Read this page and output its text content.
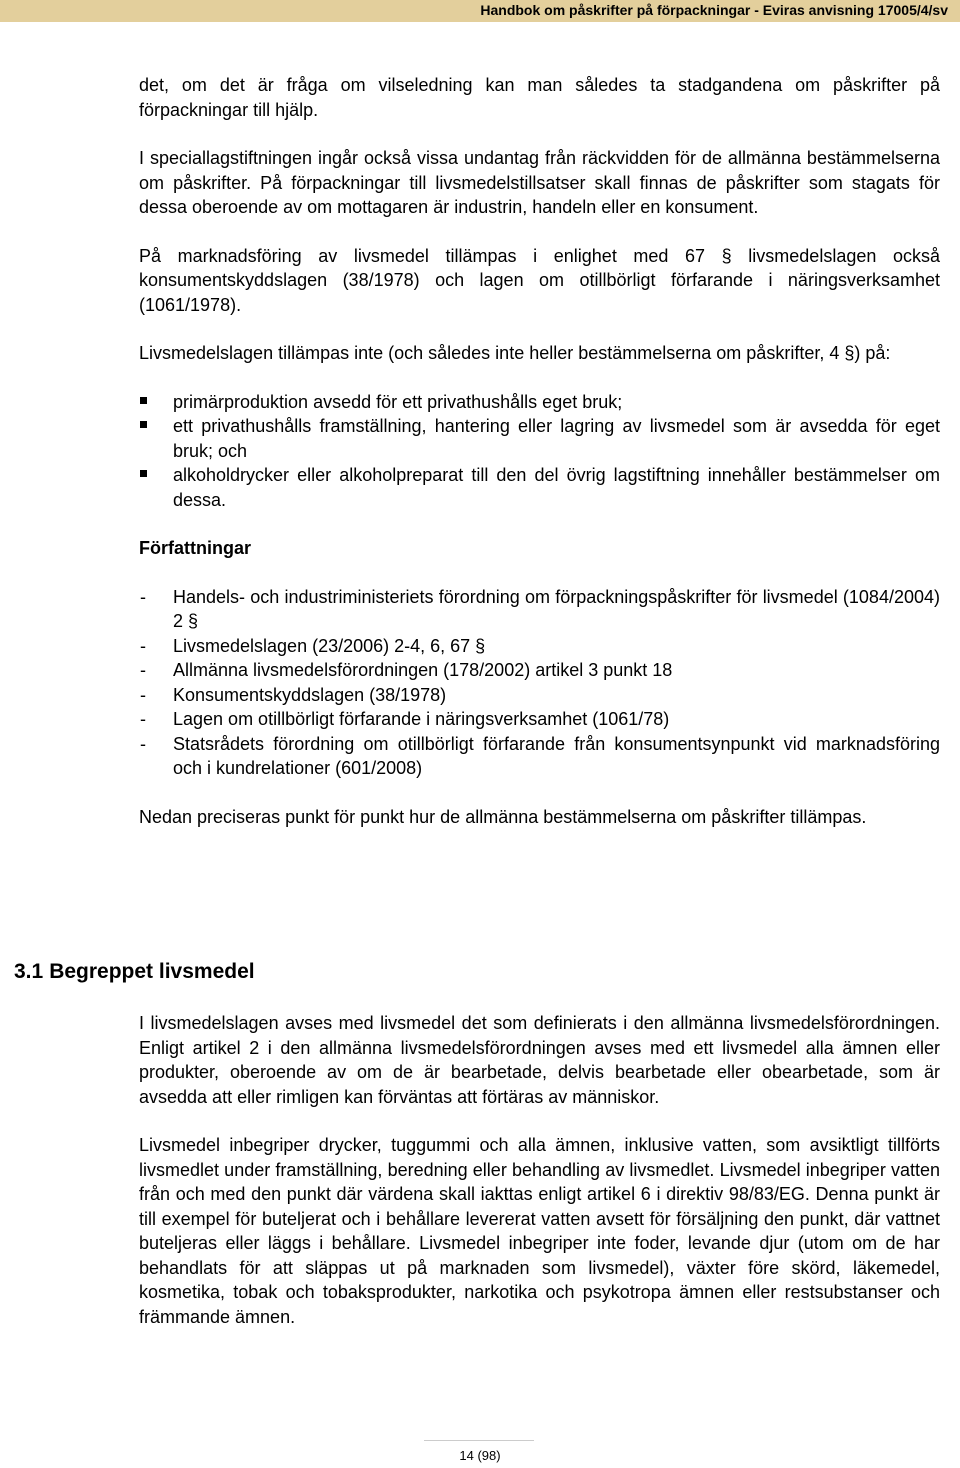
Handbok om påskrifter på förpackningar - Eviras anvisning 17005/4/sv

det, om det är fråga om vilseledning kan man således ta stadgandena om påskrifter på förpackningar till hjälp.

I speciallagstiftningen ingår också vissa undantag från räckvidden för de allmänna bestämmelserna om påskrifter. På förpackningar till livsmedelstillsatser skall finnas de påskrifter som stagats för dessa oberoende av om mottagaren är industrin, handeln eller en konsument.

På marknadsföring av livsmedel tillämpas i enlighet med 67 § livsmedelslagen också konsumentskyddslagen (38/1978) och lagen om otillbörligt förfarande i näringsverksamhet (1061/1978).

Livsmedelslagen tillämpas inte (och således inte heller bestämmelserna om påskrifter, 4 §) på:

primärproduktion avsedd för ett privathushålls eget bruk;
ett privathushålls framställning, hantering eller lagring av livsmedel som är avsedda för eget bruk; och
alkoholdrycker eller alkoholpreparat till den del övrig lagstiftning innehåller bestämmelser om dessa.
Författningar
- Handels- och industriministeriets förordning om förpackningspåskrifter för livsmedel (1084/2004) 2 §
- Livsmedelslagen (23/2006) 2-4, 6, 67 §
- Allmänna livsmedelsförordningen (178/2002) artikel 3 punkt 18
- Konsumentskyddslagen (38/1978)
- Lagen om otillbörligt förfarande i näringsverksamhet (1061/78)
- Statsrådets förordning om otillbörligt förfarande från konsumentsynpunkt vid marknadsföring och i kundrelationer (601/2008)

Nedan preciseras punkt för punkt hur de allmänna bestämmelserna om påskrifter tillämpas.

3.1 Begreppet livsmedel

I livsmedelslagen avses med livsmedel det som definierats i den allmänna livsmedelsförordningen. Enligt artikel 2 i den allmänna livsmedelsförordningen avses med ett livsmedel alla ämnen eller produkter, oberoende av om de är bearbetade, delvis bearbetade eller obearbetade, som är avsedda att eller rimligen kan förväntas att förtäras av människor.

Livsmedel inbegriper drycker, tuggummi och alla ämnen, inklusive vatten, som avsiktligt tillförts livsmedlet under framställning, beredning eller behandling av livsmedlet. Livsmedel inbegriper vatten från och med den punkt där värdena skall iakttas enligt artikel 6 i direktiv 98/83/EG. Denna punkt är till exempel för buteljerat och i behållare levererat vatten avsett för försäljning den punkt, där vattnet buteljeras eller läggs i behållare. Livsmedel inbegriper inte foder, levande djur (utom om de har behandlats för att släppas ut på marknaden som livsmedel), växter före skörd, läkemedel, kosmetika, tobak och tobaksprodukter, narkotika och psykotropa ämnen eller restsubstanser och främmande ämnen.

14 (98)
